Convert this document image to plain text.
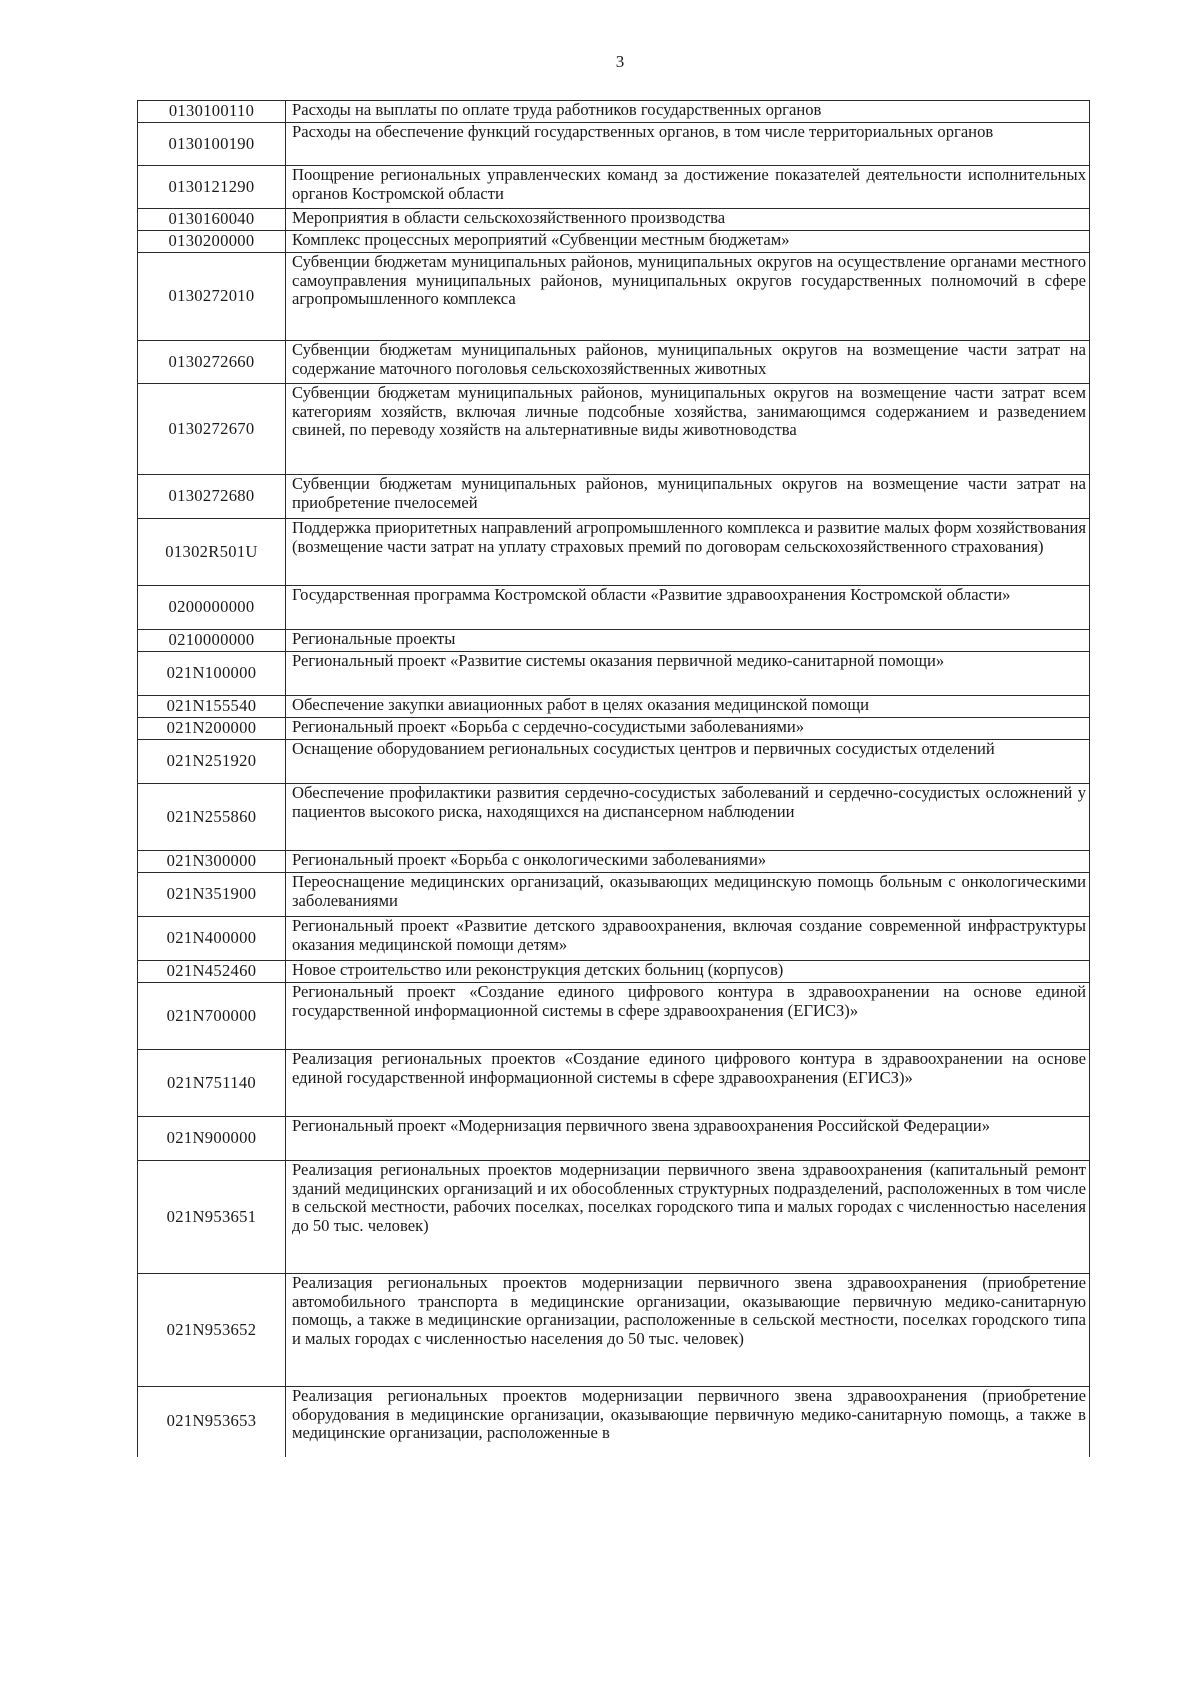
3
0130100110	Расходы на выплаты по оплате труда работников государственных органов
0130100190	Расходы на обеспечение функций государственных органов, в том числе территориальных органов
0130121290	Поощрение региональных управленческих команд за достижение показателей деятельности исполнительных органов Костромской области
0130160040	Мероприятия в области сельскохозяйственного производства
0130200000	Комплекс процессных мероприятий «Субвенции местным бюджетам»
0130272010	Субвенции бюджетам муниципальных районов, муниципальных округов на осуществление органами местного самоуправления муниципальных районов, муниципальных округов государственных полномочий в сфере агропромышленного комплекса
0130272660	Субвенции бюджетам муниципальных районов, муниципальных округов на возмещение части затрат на содержание маточного поголовья сельскохозяйственных животных
0130272670	Субвенции бюджетам муниципальных районов, муниципальных округов на возмещение части затрат всем категориям хозяйств, включая личные подсобные хозяйства, занимающимся содержанием и разведением свиней, по переводу хозяйств на альтернативные виды животноводства
0130272680	Субвенции бюджетам муниципальных районов, муниципальных округов на возмещение части затрат на приобретение пчелосемей
01302R501U	Поддержка приоритетных направлений агропромышленного комплекса и развитие малых форм хозяйствования (возмещение части затрат на уплату страховых премий по договорам сельскохозяйственного страхования)
0200000000	Государственная программа Костромской области «Развитие здравоохранения Костромской области»
0210000000	Региональные проекты
021N100000	Региональный проект «Развитие системы оказания первичной медико-санитарной помощи»
021N155540	Обеспечение закупки авиационных работ в целях оказания медицинской помощи
021N200000	Региональный проект «Борьба с сердечно-сосудистыми заболеваниями»
021N251920	Оснащение оборудованием региональных сосудистых центров и первичных сосудистых отделений
021N255860	Обеспечение профилактики развития сердечно-сосудистых заболеваний и сердечно-сосудистых осложнений у пациентов высокого риска, находящихся на диспансерном наблюдении
021N300000	Региональный проект «Борьба с онкологическими заболеваниями»
021N351900	Переоснащение медицинских организаций, оказывающих медицинскую помощь больным с онкологическими заболеваниями
021N400000	Региональный проект «Развитие детского здравоохранения, включая создание современной инфраструктуры оказания медицинской помощи детям»
021N452460	Новое строительство или реконструкция детских больниц (корпусов)
021N700000	Региональный проект «Создание единого цифрового контура в здравоохранении на основе единой государственной информационной системы в сфере здравоохранения (ЕГИСЗ)»
021N751140	Реализация региональных проектов «Создание единого цифрового контура в здравоохранении на основе единой государственной информационной системы в сфере здравоохранения (ЕГИСЗ)»
021N900000	Региональный проект «Модернизация первичного звена здравоохранения Российской Федерации»
021N953651	Реализация региональных проектов модернизации первичного звена здравоохранения (капитальный ремонт зданий медицинских организаций и их обособленных структурных подразделений, расположенных в том числе в сельской местности, рабочих поселках, поселках городского типа и малых городах с численностью населения до 50 тыс. человек)
021N953652	Реализация региональных проектов модернизации первичного звена здравоохранения (приобретение автомобильного транспорта в медицинские организации, оказывающие первичную медико-санитарную помощь, а также в медицинские организации, расположенные в сельской местности, поселках городского типа и малых городах с численностью населения до 50 тыс. человек)
021N953653	Реализация региональных проектов модернизации первичного звена здравоохранения (приобретение оборудования в медицинские организации, оказывающие первичную медико-санитарную помощь, а также в медицинские организации, расположенные в
